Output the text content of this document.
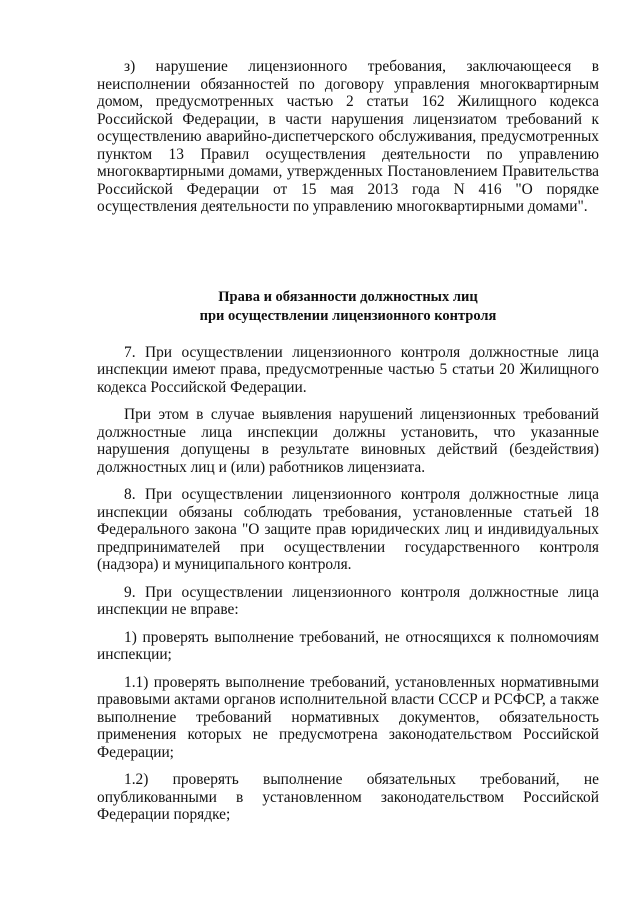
з) нарушение лицензионного требования, заключающееся в неисполнении обязанностей по договору управления многоквартирным домом, предусмотренных частью 2 статьи 162 Жилищного кодекса Российской Федерации, в части нарушения лицензиатом требований к осуществлению аварийно-диспетчерского обслуживания, предусмотренных пунктом 13 Правил осуществления деятельности по управлению многоквартирными домами, утвержденных Постановлением Правительства Российской Федерации от 15 мая 2013 года N 416 "О порядке осуществления деятельности по управлению многоквартирными домами".

Права и обязанности должностных лиц
при осуществлении лицензионного контроля

7. При осуществлении лицензионного контроля должностные лица инспекции имеют права, предусмотренные частью 5 статьи 20 Жилищного кодекса Российской Федерации.

При этом в случае выявления нарушений лицензионных требований должностные лица инспекции должны установить, что указанные нарушения допущены в результате виновных действий (бездействия) должностных лиц и (или) работников лицензиата.

8. При осуществлении лицензионного контроля должностные лица инспекции обязаны соблюдать требования, установленные статьей 18 Федерального закона "О защите прав юридических лиц и индивидуальных предпринимателей при осуществлении государственного контроля (надзора) и муниципального контроля.

9. При осуществлении лицензионного контроля должностные лица инспекции не вправе:

1) проверять выполнение требований, не относящихся к полномочиям инспекции;

1.1) проверять выполнение требований, установленных нормативными правовыми актами органов исполнительной власти СССР и РСФСР, а также выполнение требований нормативных документов, обязательность применения которых не предусмотрена законодательством Российской Федерации;

1.2) проверять выполнение обязательных требований, не опубликованными в установленном законодательством Российской Федерации порядке;
